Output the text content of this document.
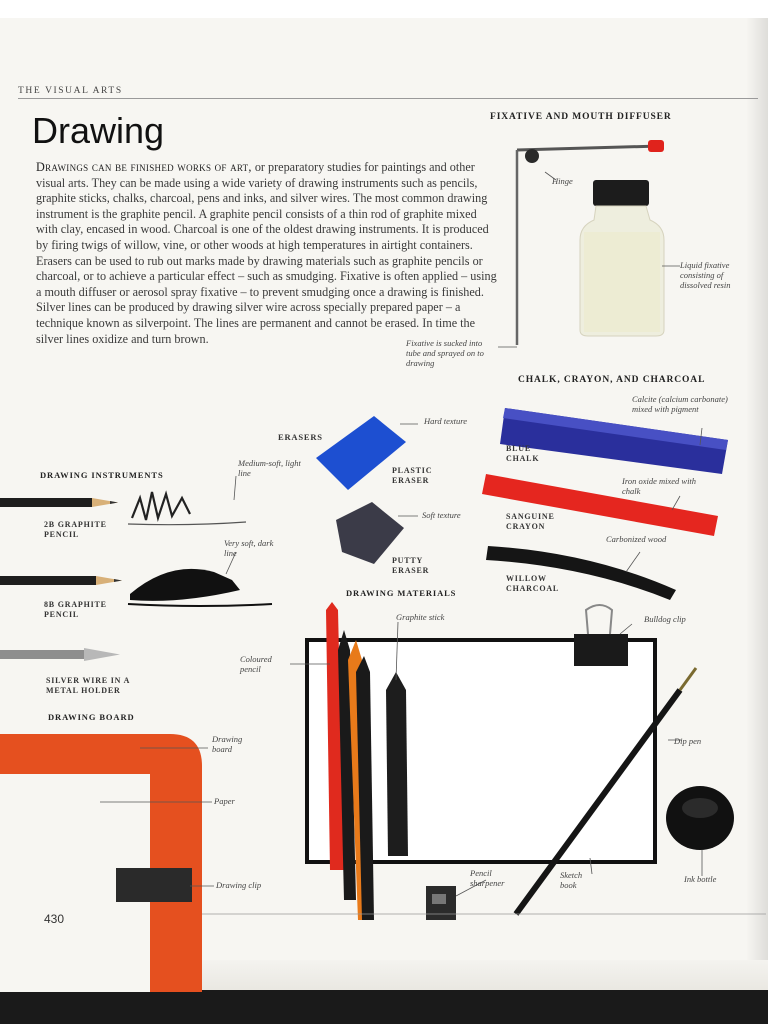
THE VISUAL ARTS
Drawing

Drawings can be finished works of art, or preparatory studies for paintings and other visual arts. They can be made using a wide variety of drawing instruments such as pencils, graphite sticks, chalks, charcoal, pens and inks, and silver wires. The most common drawing instrument is the graphite pencil. A graphite pencil consists of a thin rod of graphite mixed with clay, encased in wood. Charcoal is one of the oldest drawing instruments. It is produced by firing twigs of willow, vine, or other woods at high temperatures in airtight containers. Erasers can be used to rub out marks made by drawing materials such as graphite pencils or charcoal, or to achieve a particular effect – such as smudging. Fixative is often applied – using a mouth diffuser or aerosol spray fixative – to prevent smudging once a drawing is finished. Silver lines can be produced by drawing silver wire across specially prepared paper – a technique known as silverpoint. The lines are permanent and cannot be erased. In time the silver lines oxidize and turn brown.

FIXATIVE AND MOUTH DIFFUSER
Hinge
Liquid fixative consisting of dissolved resin
Fixative is sucked into tube and sprayed on to drawing
CHALK, CRAYON, AND CHARCOAL
Calcite (calcium carbonate) mixed with pigment
BLUE CHALK
Iron oxide mixed with chalk
SANGUINE CRAYON
Carbonized wood
WILLOW CHARCOAL
ERASERS
Hard texture
PLASTIC ERASER
Soft texture
PUTTY ERASER
DRAWING INSTRUMENTS
Medium-soft, light line
2B GRAPHITE PENCIL
Very soft, dark line
8B GRAPHITE PENCIL
SILVER WIRE IN A METAL HOLDER
DRAWING MATERIALS
Graphite stick	Bulldog clip
Coloured pencil
Dip pen
Pencil sharpener
Sketch book
Ink bottle
DRAWING BOARD
Drawing board
Paper
Drawing clip
430
